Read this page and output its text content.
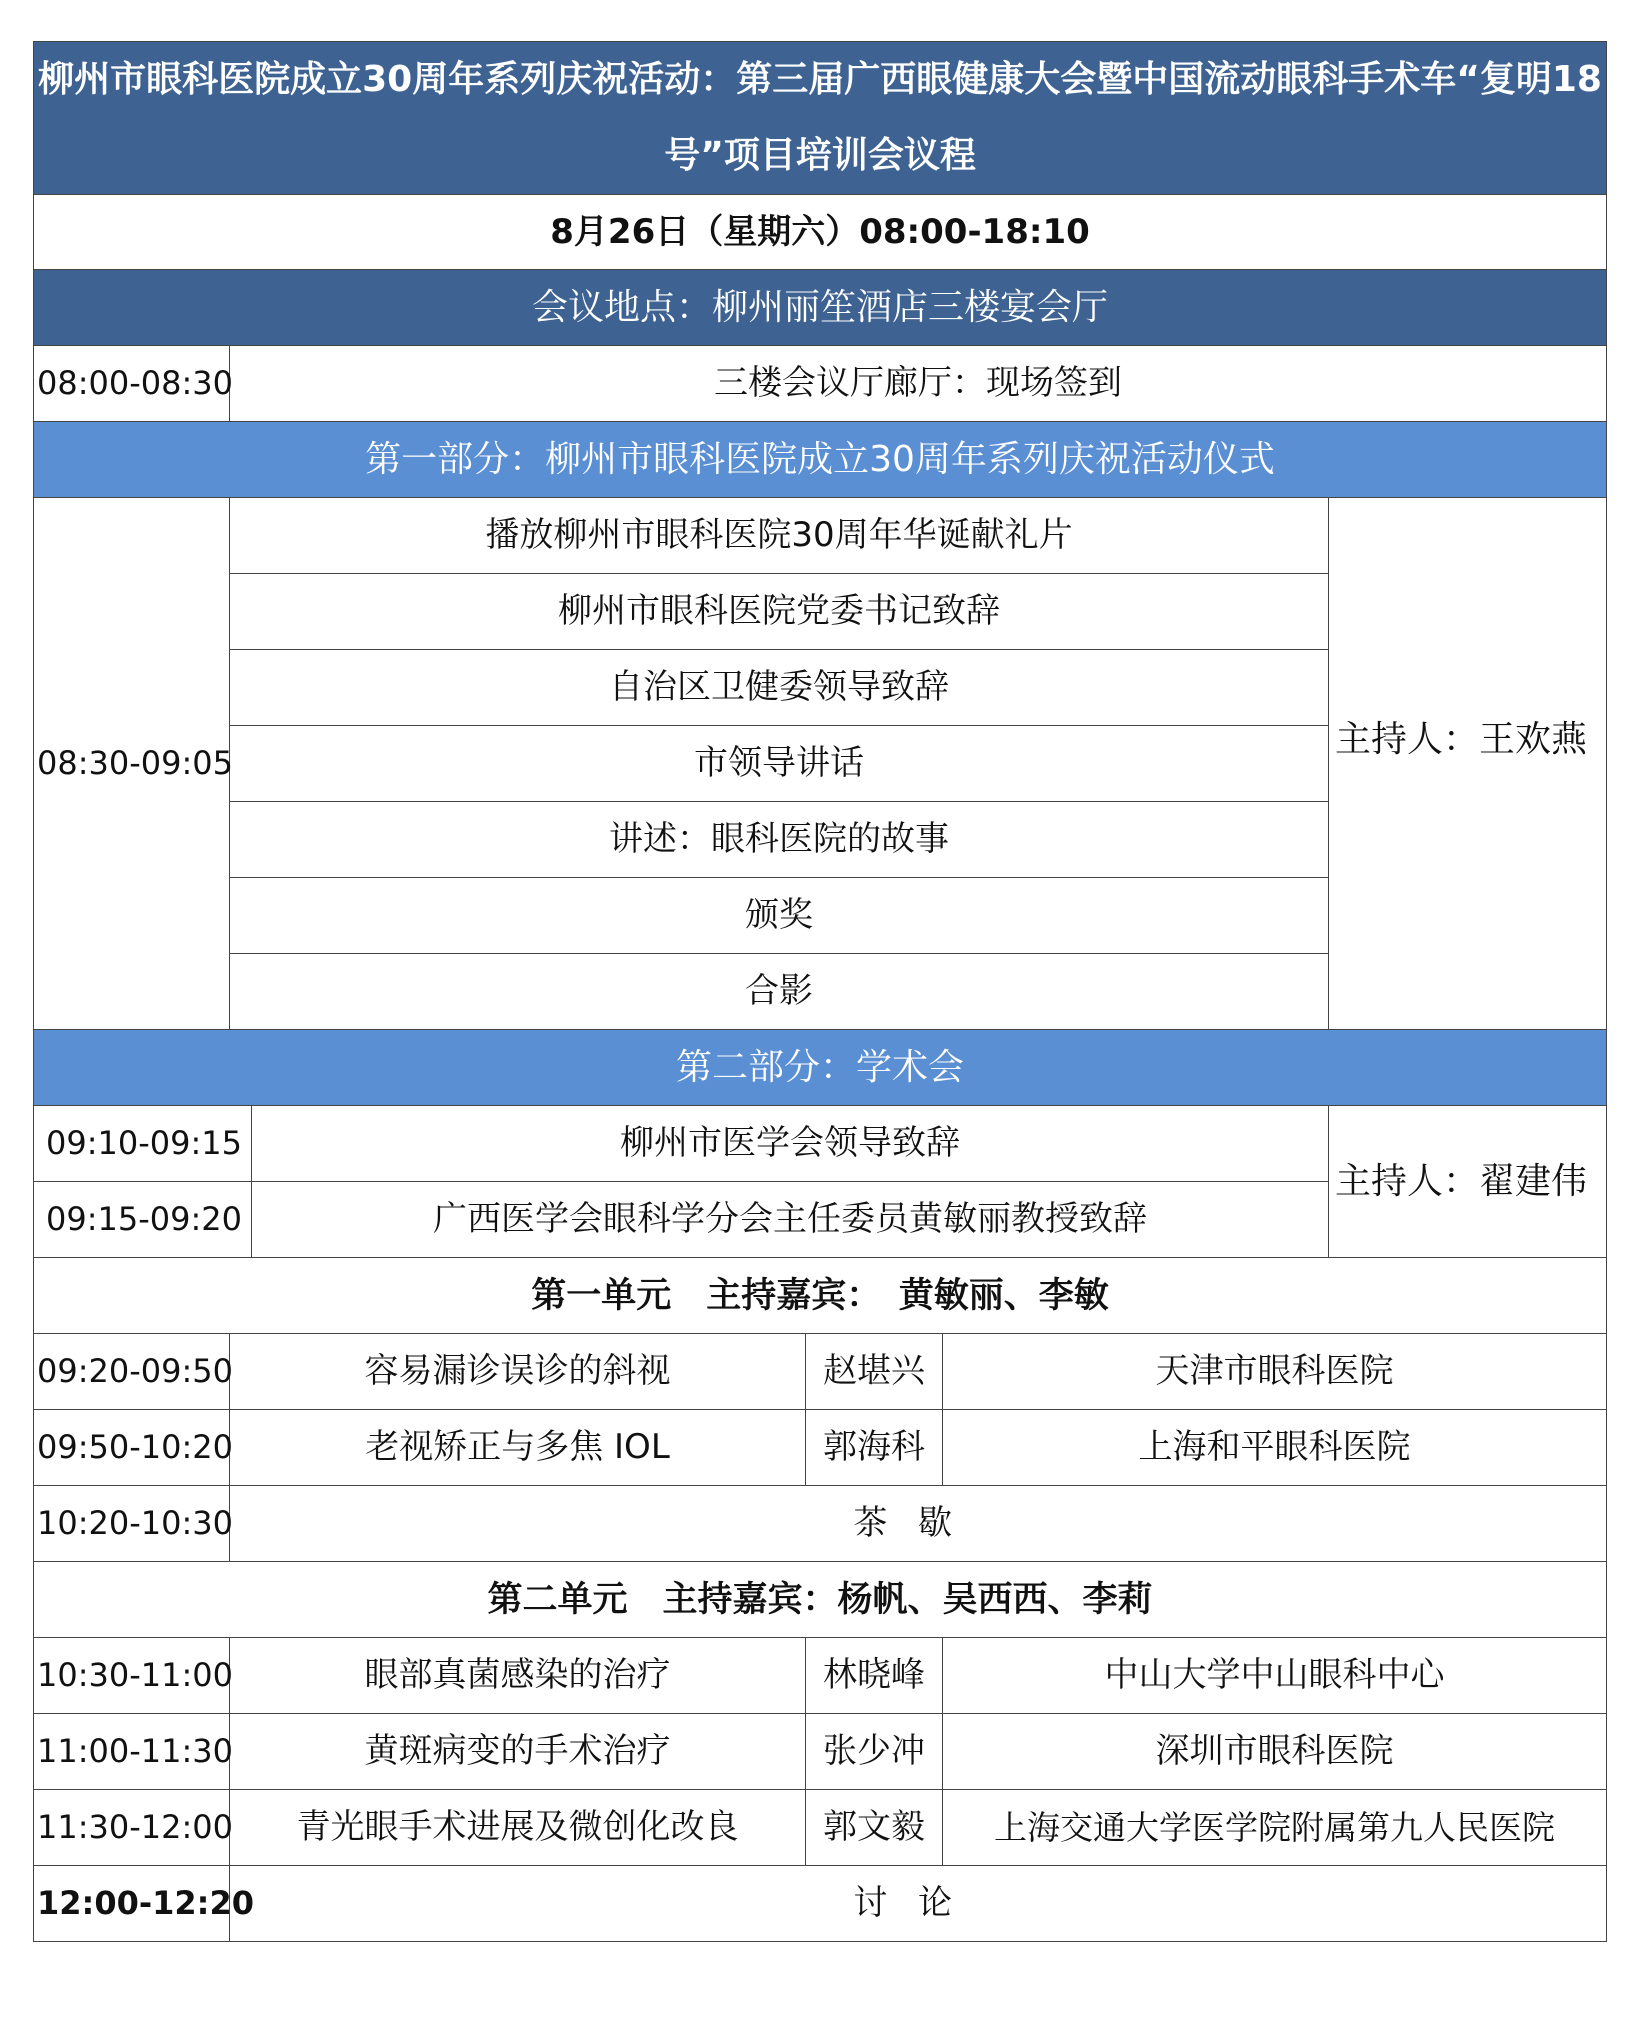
柳州市眼科医院成立30周年系列庆祝活动：第三届广西眼健康大会暨中国流动眼科手术车“复明18号”项目培训会议程					
8月26日（星期六）08:00-18:10					
会议地点：柳州丽笙酒店三楼宴会厅					
08:00-08:30	三楼会议厅廊厅：现场签到				
第一部分：柳州市眼科医院成立30周年系列庆祝活动仪式					
08:30-09:05	播放柳州市眼科医院30周年华诞献礼片				主持人：王欢燕
	柳州市眼科医院党委书记致辞				
	自治区卫健委领导致辞				
	市领导讲话				
	讲述：眼科医院的故事				
	颁奖				
	合影				
第二部分：学术会					
09:10-09:15		柳州市医学会领导致辞			主持人：翟建伟
09:15-09:20		广西医学会眼科学分会主任委员黄敏丽教授致辞			
第一单元　主持嘉宾：　黄敏丽、李敏					
09:20-09:50	容易漏诊误诊的斜视		赵堪兴	天津市眼科医院	
09:50-10:20	老视矫正与多焦 IOL		郭海科	上海和平眼科医院	
10:20-10:30	茶歇				
第二单元　主持嘉宾：杨帆、吴西西、李莉					
10:30-11:00	眼部真菌感染的治疗		林晓峰	中山大学中山眼科中心	
11:00-11:30	黄斑病变的手术治疗		张少冲	深圳市眼科医院	
11:30-12:00	青光眼手术进展及微创化改良		郭文毅	上海交通大学医学院附属第九人民医院	
12:00-12:20	讨论				
